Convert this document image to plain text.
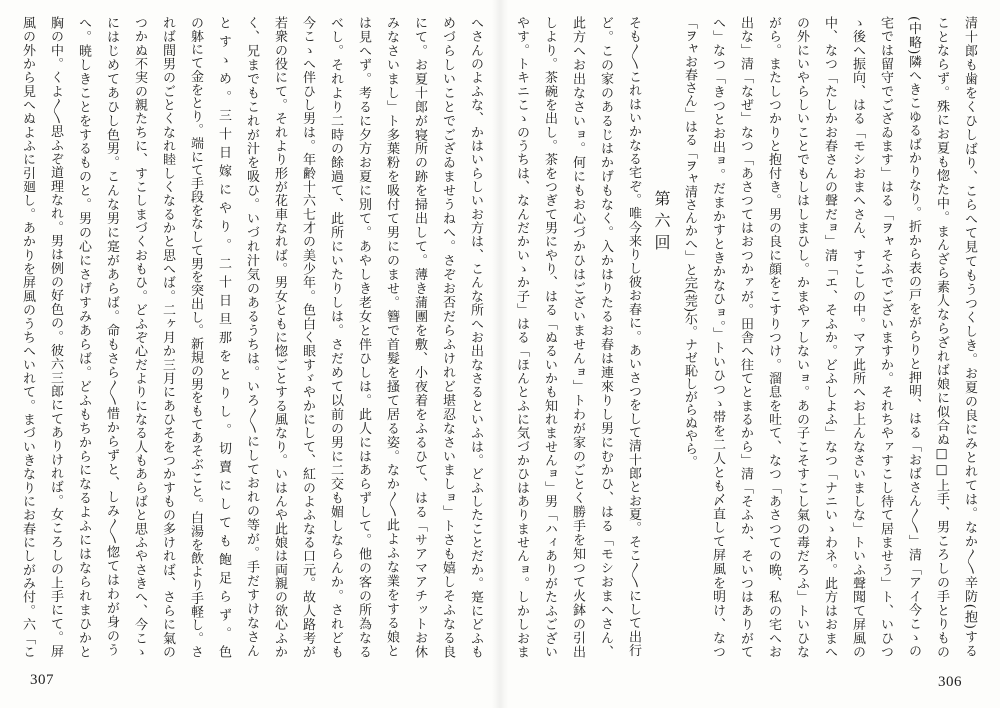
へさんのよふな、かはいらしいお方は、こんな所へお出なさるといふは。どふしたことだか。寔にどふも

めづらしいことでござゐませうねへ。さぞお否だらふけれど堪忍なさいましョ」トさも嬉しそふなる良

にて。お夏十郎が寝所の跡を掃出して。薄き蒲團を敷、小夜着をふるひて、はる「サアマアチットお休

みなさいまし」ト多葉粉を吸付て男にのませ。簪で首髮を搔て居る姿。なか〳〵此よふな業をする娘と

は見へず。考るに夕方お夏に別て。あやしき老女と伴ひしは。此人にはあらずして。他の客の所為なる

べし。それより二時の餘過て、此所にいたりしは。さだめて以前の男に二交も媚しならんか。されども

今こゝへ伴ひし男は。年齢十六七才の美少年。色白く眼すゞやかにして、紅のよふなる口元。故人路考が

若衆の役にて。それより形が花車なれば。男女ともに惚ごとする風なり。いはんや此娘は両親の欲心ふか

く、兄までもこれが汁を吸ひ。いづれ汁気のあるうちは。いろ〳〵にしておれの等が。手だすけなさん

とすゝめ。三十日嫁にやり。二十日旦那をとりし。切賣にしても飽足らず。色

の躰にて金をとり。端にて手段をなして男を突出し。新規の男をもてあそぶこと。白湯を飲より手軽し。さ

れば間男のごとくなれ睦しくなるかと思へば。二ヶ月か三月にあひそをつかすもの多ければ、さらに氣の

つかぬ不実の親たちに、すこしまづくおもひ。どふぞ心だよりになる人もあらばと思ふやさきへ、今こゝ

にはじめてあひし色男。こんな男に寔があらば。命もさら〳〵惜からずと、しみ〳〵惚てはわが身のう

へ。暁しきことをするものと。男の心にさげすみあらば。どふもちからになるよふにはなられまひかと

胸の中。くよ〳〵思ふぞ道理なれ。男は例の好色の。彼六三郎にてありければ。女ころしの上手にて。屏

風の外から見へぬよふに引廻し。あかりを屏風のうちへいれて。まづいきなりにお春にしがみ付。六「こ

307

清十郎も歯をくひしばり、こらへて見てもうつくしき。お夏の良にみとれては。なか〳〵辛防(抱)する

ことならず。殊にお夏も惚た中。まんざら素人ならざれば娘に似合ぬ□□上手、男ころしの手とりもの

(中略)隣へきこゆるばかりなり。折から表の戸をがらりと押明、はる「おばさん〳〵」清「アイ今こゝの

宅では留守でござゐます」はる「ヲャそふでございますか。それちやァすこし待て居ませう」ト、いひつ

ゝ後へ振向、はる「モシおまへさん、すこしの中。マア此所へお上んなさいましな」トいふ聲聞て屏風の

中、なつ「たしかお春さんの聲だョ」清「エ、そふか。どふしよふ」なつ「ナニいゝわネ。此方はおまへ

の外にいやらしいことでもしはしまひし。かまやァしないョ。あの子こそすこし氣の毒だろふ」トいひな

がら。またしつかりと抱付き。男の良に顔をこすりつけ。溜息を吐て、なつ「あさつての晩、私の宅へお

出な」清「なぜ」なつ「あさつてはおつかァが。田舎へ往てとまるから」清「そふか、そいつはありがて

へ」なつ「きつとお出ョ。だまかすときかなひョ。」トいひつゝ帯を二人とも〆直して屏風を明け、なつ

「ヲャお春さん」はる「ヲャ清さんかへ」と完(莞)尓。ナゼ恥しがらぬやら。

第六回

そも〳〵これはいかなる宅ぞ。唯今来りし彼お春に。あいさつをして清十郎とお夏。そこ〳〵にして出行

ど。この家のあるじはかげもなく。入かはりたるお春は連來りし男にむかひ、はる「モシおまへさん、

此方へお出なさいョ。何にもお心づかひはございませんョ」トわが家のごとく勝手を知つて火鉢の引出

しより。茶碗を出し。茶をつぎて男にやり、はる「ぬるいかも知れませんョ」男「ハィありがたふござい

やす。トキニこゝのうちは、なんだかいゝか子」はる「ほんとふに気づかひはありませんョ。しかしおま

306
